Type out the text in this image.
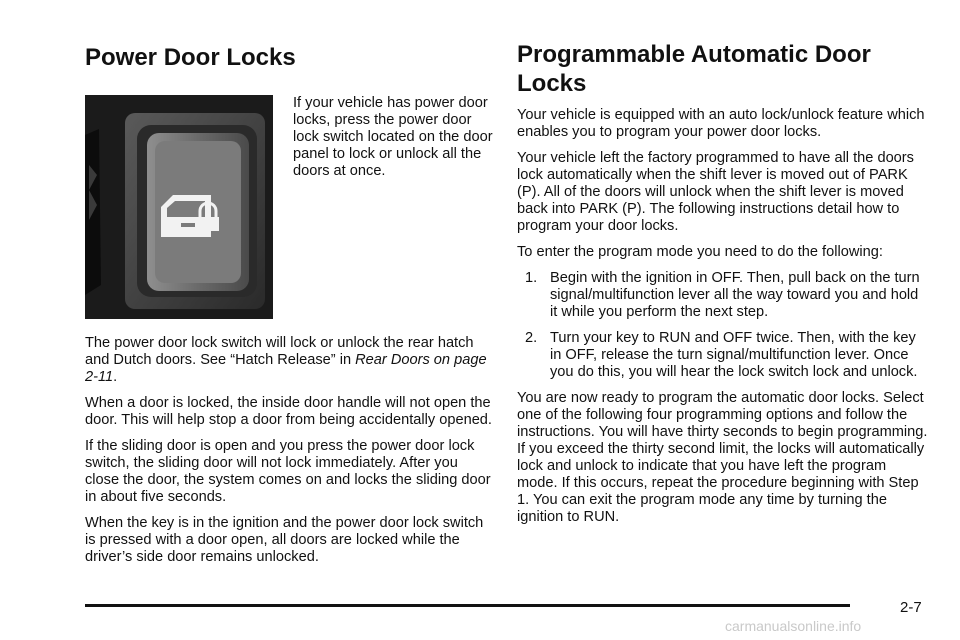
Power Door Locks

If your vehicle has power door locks, press the power door lock switch located on the door panel to lock or unlock all the doors at once.

The power door lock switch will lock or unlock the rear hatch and Dutch doors. See “Hatch Release” in Rear Doors on page 2-11.

When a door is locked, the inside door handle will not open the door. This will help stop a door from being accidentally opened.

If the sliding door is open and you press the power door lock switch, the sliding door will not lock immediately. After you close the door, the system comes on and locks the sliding door in about five seconds.

When the key is in the ignition and the power door lock switch is pressed with a door open, all doors are locked while the driver’s side door remains unlocked.

Programmable Automatic Door Locks

Your vehicle is equipped with an auto lock/unlock feature which enables you to program your power door locks.

Your vehicle left the factory programmed to have all the doors lock automatically when the shift lever is moved out of PARK (P). All of the doors will unlock when the shift lever is moved back into PARK (P). The following instructions detail how to program your door locks.

To enter the program mode you need to do the following:

1. Begin with the ignition in OFF. Then, pull back on the turn signal/multifunction lever all the way toward you and hold it while you perform the next step.
2. Turn your key to RUN and OFF twice. Then, with the key in OFF, release the turn signal/multifunction lever. Once you do this, you will hear the lock switch lock and unlock.

You are now ready to program the automatic door locks. Select one of the following four programming options and follow the instructions. You will have thirty seconds to begin programming. If you exceed the thirty second limit, the locks will automatically lock and unlock to indicate that you have left the program mode. If this occurs, repeat the procedure beginning with Step 1. You can exit the program mode any time by turning the ignition to RUN.

2-7
carmanualsonline.info
